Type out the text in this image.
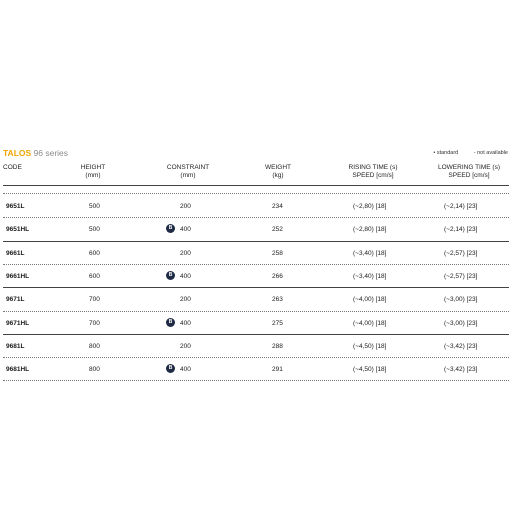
TALOS 96 series	• standard	- not available
CODE	HEIGHT
(mm)
CONSTRAINT
(mm)
WEIGHT
(kg)
RISING TIME (s)
SPEED [cm/s]
LOWERING TIME (s)
SPEED [cm/s]
9651L	500	200	234	(~2,80) [18]	(~2,14) [23]
9651HL	500	400	252	(~2,80) [18]	(~2,14) [23]
B
9661L	600	200	258	(~3,40) [18]	(~2,57) [23]
9661HL	600	400	266	(~3,40) [18]	(~2,57) [23]
B
9671L	700	200	263	(~4,00) [18]	(~3,00) [23]
9671HL	700	400	275	(~4,00) [18]	(~3,00) [23]
B
9681L	800	200	288	(~4,50) [18]	(~3,42) [23]
9681HL	800	400	291	(~4,50) [18]	(~3,42) [23]
B
